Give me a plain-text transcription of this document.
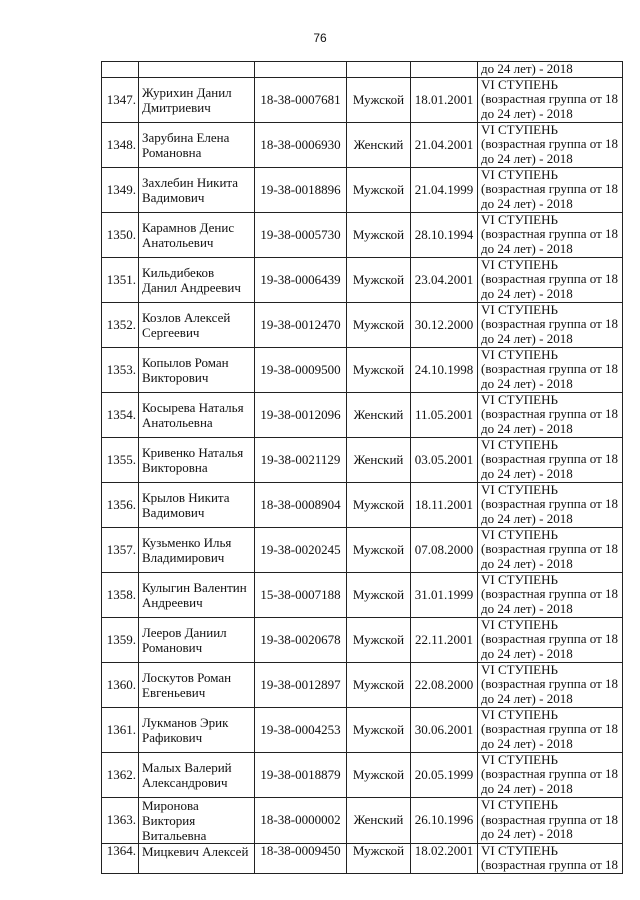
76

					до 24 лет) - 2018

1347.	Журихин Данил Дмитриевич	18-38-0007681	Мужской	18.01.2001	VI СТУПЕНЬ
(возрастная группа от 18
до 24 лет) - 2018

1348.	Зарубина Елена Романовна	18-38-0006930	Женский	21.04.2001	VI СТУПЕНЬ
(возрастная группа от 18
до 24 лет) - 2018

1349.	Захлебин Никита Вадимович	19-38-0018896	Мужской	21.04.1999	VI СТУПЕНЬ
(возрастная группа от 18
до 24 лет) - 2018

1350.	Карамнов Денис Анатольевич	19-38-0005730	Мужской	28.10.1994	VI СТУПЕНЬ
(возрастная группа от 18
до 24 лет) - 2018

1351.	Кильдибеков Данил Андреевич	19-38-0006439	Мужской	23.04.2001	VI СТУПЕНЬ
(возрастная группа от 18
до 24 лет) - 2018

1352.	Козлов Алексей Сергеевич	19-38-0012470	Мужской	30.12.2000	VI СТУПЕНЬ
(возрастная группа от 18
до 24 лет) - 2018

1353.	Копылов Роман Викторович	19-38-0009500	Мужской	24.10.1998	VI СТУПЕНЬ
(возрастная группа от 18
до 24 лет) - 2018

1354.	Косырева Наталья Анатольевна	19-38-0012096	Женский	11.05.2001	VI СТУПЕНЬ
(возрастная группа от 18
до 24 лет) - 2018

1355.	Кривенко Наталья Викторовна	19-38-0021129	Женский	03.05.2001	VI СТУПЕНЬ
(возрастная группа от 18
до 24 лет) - 2018

1356.	Крылов Никита Вадимович	18-38-0008904	Мужской	18.11.2001	VI СТУПЕНЬ
(возрастная группа от 18
до 24 лет) - 2018

1357.	Кузьменко Илья Владимирович	19-38-0020245	Мужской	07.08.2000	VI СТУПЕНЬ
(возрастная группа от 18
до 24 лет) - 2018

1358.	Кулыгин Валентин Андреевич	15-38-0007188	Мужской	31.01.1999	VI СТУПЕНЬ
(возрастная группа от 18
до 24 лет) - 2018

1359.	Лееров Даниил Романович	19-38-0020678	Мужской	22.11.2001	VI СТУПЕНЬ
(возрастная группа от 18
до 24 лет) - 2018

1360.	Лоскутов Роман Евгеньевич	19-38-0012897	Мужской	22.08.2000	VI СТУПЕНЬ
(возрастная группа от 18
до 24 лет) - 2018

1361.	Лукманов Эрик Рафикович	19-38-0004253	Мужской	30.06.2001	VI СТУПЕНЬ
(возрастная группа от 18
до 24 лет) - 2018

1362.	Малых Валерий Александрович	19-38-0018879	Мужской	20.05.1999	VI СТУПЕНЬ
(возрастная группа от 18
до 24 лет) - 2018

1363.	Миронова Виктория Витальевна	18-38-0000002	Женский	26.10.1996	VI СТУПЕНЬ
(возрастная группа от 18
до 24 лет) - 2018

1364.	Мицкевич Алексей	18-38-0009450	Мужской	18.02.2001	VI СТУПЕНЬ
(возрастная группа от 18
